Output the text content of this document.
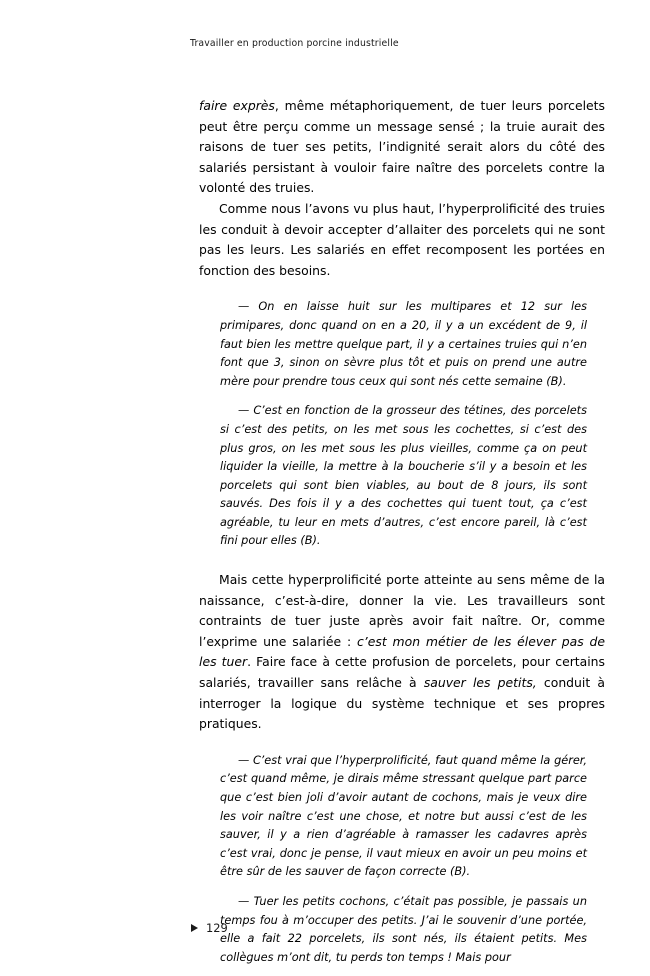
Travailler en production porcine industrielle

faire exprès, même métaphoriquement, de tuer leurs porcelets peut être perçu comme un message sensé ; la truie aurait des raisons de tuer ses petits, l’indignité serait alors du côté des salariés persistant à vouloir faire naître des porcelets contre la volonté des truies.

Comme nous l’avons vu plus haut, l’hyperprolificité des truies les conduit à devoir accepter d’allaiter des porcelets qui ne sont pas les leurs. Les salariés en effet recomposent les portées en fonction des besoins.

— On en laisse huit sur les multipares et 12 sur les primipares, donc quand on en a 20, il y a un excédent de 9, il faut bien les mettre quelque part, il y a certaines truies qui n’en font que 3, sinon on sèvre plus tôt et puis on prend une autre mère pour prendre tous ceux qui sont nés cette semaine (B).

— C’est en fonction de la grosseur des tétines, des porcelets si c’est des petits, on les met sous les cochettes, si c’est des plus gros, on les met sous les plus vieilles, comme ça on peut liquider la vieille, la mettre à la boucherie s’il y a besoin et les porcelets qui sont bien viables, au bout de 8 jours, ils sont sauvés. Des fois il y a des cochettes qui tuent tout, ça c’est agréable, tu leur en mets d’autres, c’est encore pareil, là c’est fini pour elles (B).

Mais cette hyperprolificité porte atteinte au sens même de la naissance, c’est-à-dire, donner la vie. Les travailleurs sont contraints de tuer juste après avoir fait naître. Or, comme l’exprime une salariée : c’est mon métier de les élever pas de les tuer. Faire face à cette profusion de porcelets, pour certains salariés, travailler sans relâche à sauver les petits, conduit à interroger la logique du système technique et ses propres pratiques.

— C’est vrai que l’hyperprolificité, faut quand même la gérer, c’est quand même, je dirais même stressant quelque part parce que c’est bien joli d’avoir autant de cochons, mais je veux dire les voir naître c’est une chose, et notre but aussi c’est de les sauver, il y a rien d’agréable à ramasser les cadavres après c’est vrai, donc je pense, il vaut mieux en avoir un peu moins et être sûr de les sauver de façon correcte (B).

— Tuer les petits cochons, c’était pas possible, je passais un temps fou à m’occuper des petits. J’ai le souvenir d’une portée, elle a fait 22 porcelets, ils sont nés, ils étaient petits. Mes collègues m’ont dit, tu perds ton temps ! Mais pour

129
